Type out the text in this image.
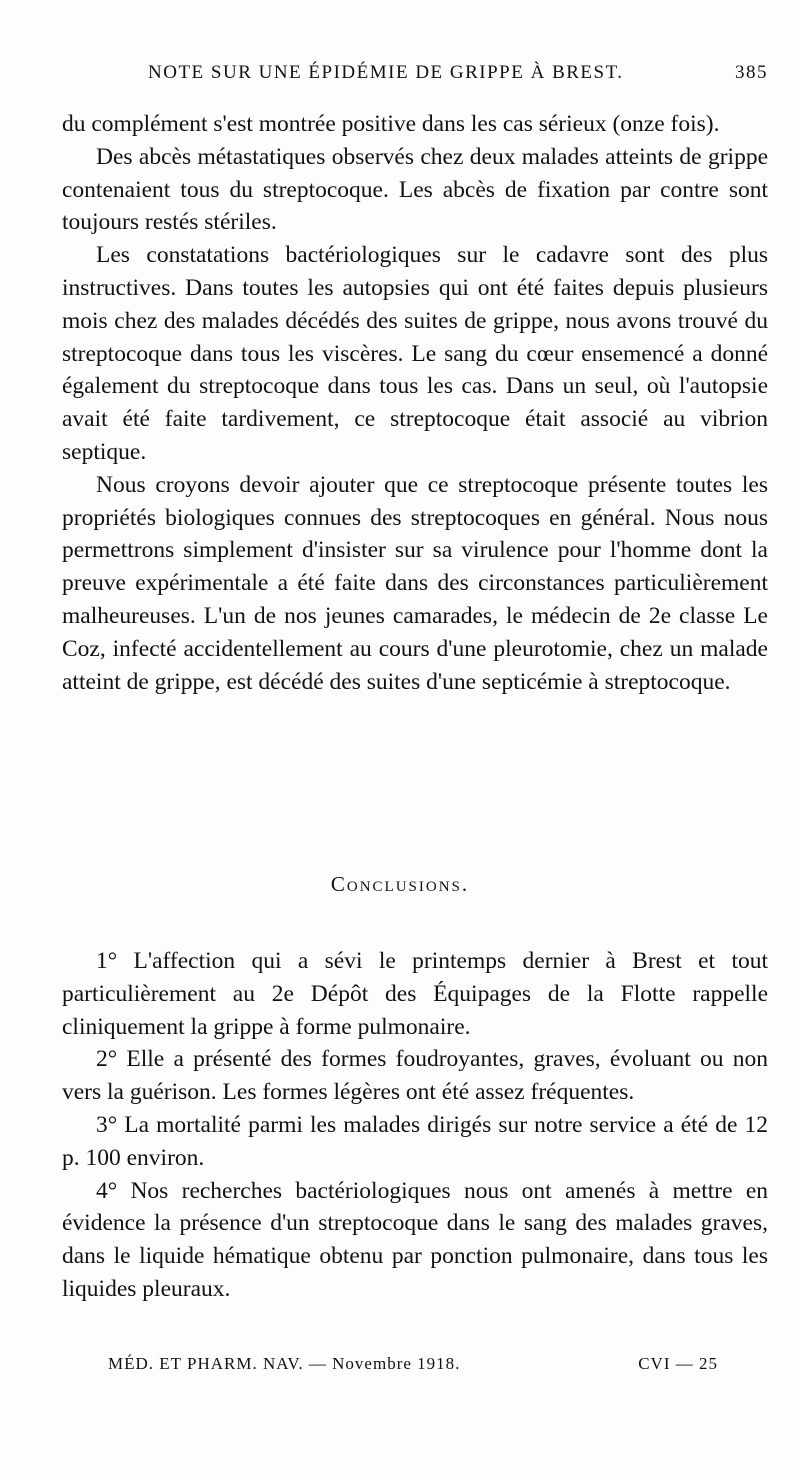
NOTE SUR UNE ÉPIDÉMIE DE GRIPPE À BREST.	385

du complément s'est montrée positive dans les cas sérieux (onze fois).

Des abcès métastatiques observés chez deux malades atteints de grippe contenaient tous du streptocoque. Les abcès de fixation par contre sont toujours restés stériles.

Les constatations bactériologiques sur le cadavre sont des plus instructives. Dans toutes les autopsies qui ont été faites depuis plusieurs mois chez des malades décédés des suites de grippe, nous avons trouvé du streptocoque dans tous les viscères. Le sang du cœur ensemencé a donné également du streptocoque dans tous les cas. Dans un seul, où l'autopsie avait été faite tardivement, ce streptocoque était associé au vibrion septique.

Nous croyons devoir ajouter que ce streptocoque présente toutes les propriétés biologiques connues des streptocoques en général. Nous nous permettrons simplement d'insister sur sa virulence pour l'homme dont la preuve expérimentale a été faite dans des circonstances particulièrement malheureuses. L'un de nos jeunes camarades, le médecin de 2e classe Le Coz, infecté accidentellement au cours d'une pleurotomie, chez un malade atteint de grippe, est décédé des suites d'une septicémie à streptocoque.

Conclusions.

1° L'affection qui a sévi le printemps dernier à Brest et tout particulièrement au 2e Dépôt des Équipages de la Flotte rappelle cliniquement la grippe à forme pulmonaire.

2° Elle a présenté des formes foudroyantes, graves, évoluant ou non vers la guérison. Les formes légères ont été assez fréquentes.

3° La mortalité parmi les malades dirigés sur notre service a été de 12 p. 100 environ.

4° Nos recherches bactériologiques nous ont amenés à mettre en évidence la présence d'un streptocoque dans le sang des malades graves, dans le liquide hématique obtenu par ponction pulmonaire, dans tous les liquides pleuraux.

MÉD. ET PHARM. NAV. — Novembre 1918.	CVI — 25
